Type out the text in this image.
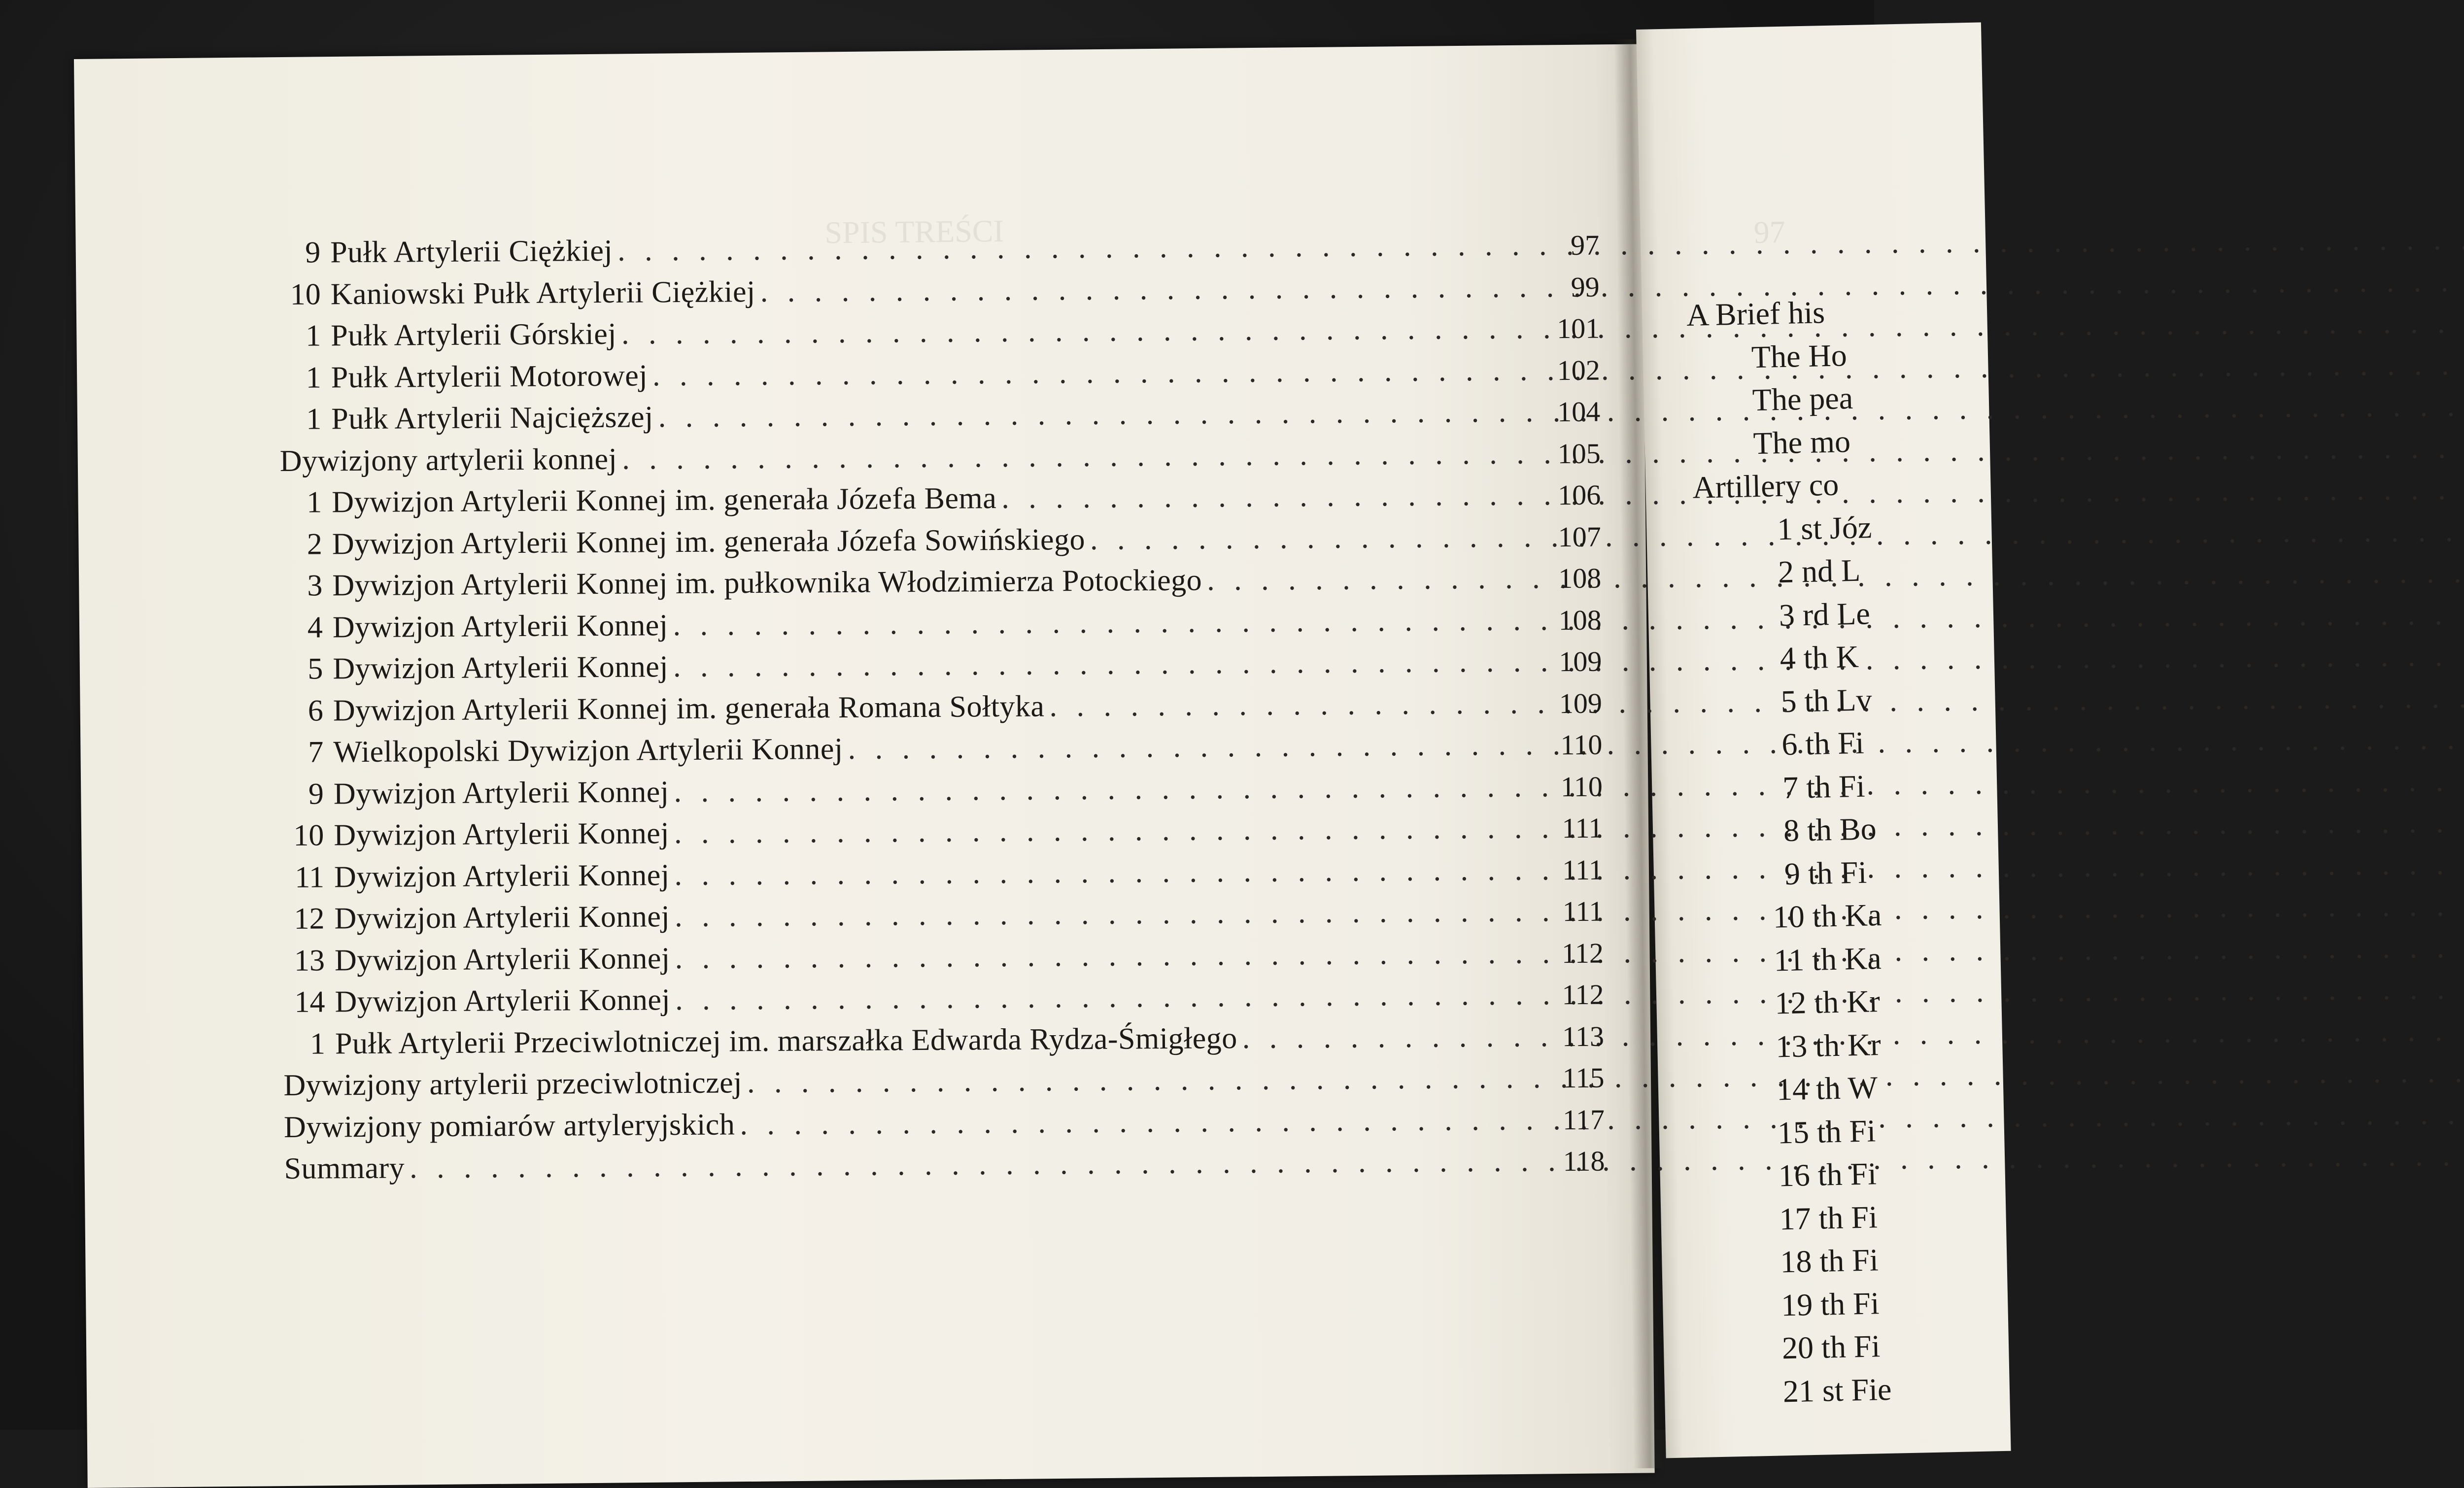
SPIS TREŚCI	97
A Brief his
The Ho
The pea
The mo
Artillery co
1 st Józ
2 nd L
3 rd Le
4 th K
5 th Lv
6 th Fi
7 th Fi
8 th Bo
9 th Fi
10 th Ka
11 th Ka
12 th Kr
13 th Kr
14 th W
15 th Fi
16 th Fi
17 th Fi
18 th Fi
19 th Fi
20 th Fi
21 st Fie
9 Pułk Artylerii Ciężkiej . . .	97
10 Kaniowski Pułk Artylerii Ciężkiej . . .	99
1 Pułk Artylerii Górskiej . . .	101
1 Pułk Artylerii Motorowej . . .	102
1 Pułk Artylerii Najcięższej . . .	104
Dywizjony artylerii konnej . . .	105
1 Dywizjon Artylerii Konnej im. generała Józefa Bema . . .	106
2 Dywizjon Artylerii Konnej im. generała Józefa Sowińskiego . . .	107
3 Dywizjon Artylerii Konnej im. pułkownika Włodzimierza Potockiego . . .	108
4 Dywizjon Artylerii Konnej . . .	108
5 Dywizjon Artylerii Konnej . . .	109
6 Dywizjon Artylerii Konnej im. generała Romana Sołtyka . . .	109
7 Wielkopolski Dywizjon Artylerii Konnej . . .	110
9 Dywizjon Artylerii Konnej . . .	110
10 Dywizjon Artylerii Konnej . . .	111
11 Dywizjon Artylerii Konnej . . .	111
12 Dywizjon Artylerii Konnej . . .	111
13 Dywizjon Artylerii Konnej . . .	112
14 Dywizjon Artylerii Konnej . . .	112
1 Pułk Artylerii Przeciwlotniczej im. marszałka Edwarda Rydza-Śmigłego . . .	113
Dywizjony artylerii przeciwlotniczej . . .	115
Dywizjony pomiarów artyleryjskich . . .	117
Summary . . .	118
